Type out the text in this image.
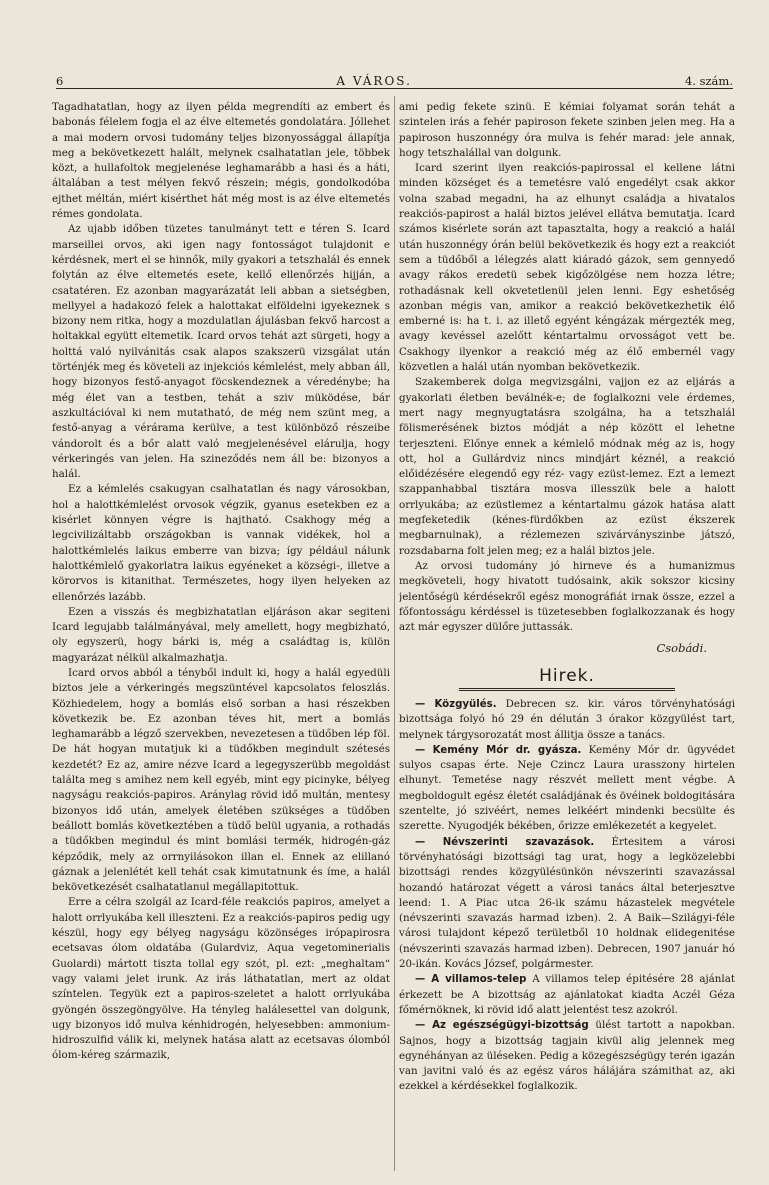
6	A VÁROS.	4. szám.

Tagadhatatlan, hogy az ilyen példa megrendíti az embert és babonás félelem fogja el az élve eltemetés gondolatára. Jóllehet a mai modern orvosi tudomány teljes bizonyossággal állapítja meg a bekövetkezett halált, melynek csalhatatlan jele, többek közt, a hullafoltok megjelenése leghamarább a hasi és a háti, általában a test mélyen fekvő részein; mégis, gondolkodóba ejthet méltán, miért kisérthet hát még most is az élve eltemetés rémes gondolata.

Az ujabb időben tüzetes tanulmányt tett e téren S. Icard marseillei orvos, aki igen nagy fontosságot tulajdonit e kérdésnek, mert el se hinnők, mily gyakori a tetszhalál és ennek folytán az élve eltemetés esete, kellő ellenőrzés hijján, a csatatéren. Ez azonban magyarázatát leli abban a sietségben, mellyyel a hadakozó felek a halottakat elföldelni igyekeznek s bizony nem ritka, hogy a mozdulatlan ájulásban fekvő harcost a holtakkal együtt eltemetik. Icard orvos tehát azt sürgeti, hogy a holttá való nyilvánitás csak alapos szakszerü vizsgálat után történjék meg és követeli az injekciós kémlelést, mely abban áll, hogy bizonyos festő-anyagot föcskendeznek a véredénybe; ha még élet van a testben, tehát a sziv müködése, bár aszkultációval ki nem mutatható, de még nem szünt meg, a festő-anyag a vérárama kerülve, a test különböző részeibe vándorolt és a bőr alatt való megjelenésével elárulja, hogy vérkeringés van jelen. Ha szineződés nem áll be: bizonyos a halál.

Ez a kémlelés csakugyan csalhatatlan és nagy városokban, hol a halottkémlelést orvosok végzik, gyanus esetekben ez a kisérlet könnyen végre is hajtható. Csakhogy még a legcivilizáltabb országokban is vannak vidékek, hol a halottkémlelés laikus emberre van bizva; így például nálunk halottkémlelő gyakorlatra laikus egyéneket a községi-, illetve a körorvos is kitanithat. Természetes, hogy ilyen helyeken az ellenőrzés lazább.

Ezen a visszás és megbizhatatlan eljáráson akar segiteni Icard legujabb találmányával, mely amellett, hogy megbizható, oly egyszerü, hogy bárki is, még a családtag is, külön magyarázat nélkül alkalmazhatja.

Icard orvos abból a tényből indult ki, hogy a halál egyedüli biztos jele a vérkeringés megszüntével kapcsolatos feloszlás. Közhiedelem, hogy a bomlás első sorban a hasi részekben következik be. Ez azonban téves hit, mert a bomlás leghamarább a légző szervekben, nevezetesen a tüdőben lép föl. De hát hogyan mutatjuk ki a tüdőkben megindult szétesés kezdetét? Ez az, amire nézve Icard a legegyszerübb megoldást találta meg s amihez nem kell egyéb, mint egy picinyke, bélyeg nagyságu reakciós-papiros. Aránylag rövid idő multán, mentesy bizonyos idő után, amelyek életében szükséges a tüdőben beállott bomlás következtében a tüdő belül ugyania, a rothadás a tüdőkben megindul és mint bomlási termék, hidrogén-gáz képződik, mely az orrnyilásokon illan el. Ennek az elillanó gáznak a jelenlétét kell tehát csak kimutatnunk és íme, a halál bekövetkezését csalhatatlanul megállapitottuk.

Erre a célra szolgál az Icard-féle reakciós papiros, amelyet a halott orrlyukába kell illeszteni. Ez a reakciós-papiros pedig ugy készül, hogy egy bélyeg nagyságu közönséges irópapirosra ecetsavas ólom oldatába (Gulardviz, Aqua vegetominerialis Guolardi) mártott tiszta tollal egy szót, pl. ezt: „meghaltam“ vagy valami jelet irunk. Az irás láthatatlan, mert az oldat színtelen. Tegyük ezt a papiros-szeletet a halott orrlyukába gyöngén összegöngyölve. Ha tényleg halálesettel van dolgunk, ugy bizonyos idő mulva kénhidrogén, helyesebben: ammonium-hidroszulfid válik ki, melynek hatása alatt az ecetsavas ólomból ólom-kéreg származik,

ami pedig fekete szinü. E kémiai folyamat során tehát a szintelen irás a fehér papiroson fekete szinben jelen meg. Ha a papiroson huszonnégy óra mulva is fehér marad: jele annak, hogy tetszhalállal van dolgunk.

Icard szerint ilyen reakciós-papirossal el kellene látni minden községet és a temetésre való engedélyt csak akkor volna szabad megadni, ha az elhunyt családja a hivatalos reakciós-papirost a halál biztos jelével ellátva bemutatja. Icard számos kisérlete során azt tapasztalta, hogy a reakció a halál után huszonnégy órán belül bekövetkezik és hogy ezt a reakciót sem a tüdőből a lélegzés alatt kiáradó gázok, sem gennyedő avagy rákos eredetü sebek kigőzölgése nem hozza létre; rothadásnak kell okvetetlenül jelen lenni. Egy eshetőség azonban mégis van, amikor a reakció bekövetkezhetik élő emberné is: ha t. i. az illető egyént kéngázak mérgezték meg, avagy kevéssel azelőtt kéntartalmu orvosságot vett be. Csakhogy ilyenkor a reakció még az élő embernél vagy közvetlen a halál után nyomban bekövetkezik.

Szakemberek dolga megvizsgálni, vajjon ez az eljárás a gyakorlati életben beválnék-e; de foglalkozni vele érdemes, mert nagy megnyugtatásra szolgálna, ha a tetszhalál fölismerésének biztos módját a nép között el lehetne terjeszteni. Előnye ennek a kémlelő módnak még az is, hogy ott, hol a Gullárdviz nincs mindjárt kéznél, a reakció előidézésére elegendő egy réz- vagy ezüst-lemez. Ezt a lemezt szappanhabbal tisztára mosva illesszük bele a halott orrlyukába; az ezüstlemez a kéntartalmu gázok hatása alatt megfeketedik (kénes-fürdőkben az ezüst ékszerek megbarnulnak), a rézlemezen szivárványszinbe játszó, rozsdabarna folt jelen meg; ez a halál biztos jele.

Az orvosi tudomány jó hirneve és a humanizmus megköveteli, hogy hivatott tudósaink, akik sokszor kicsiny jelentőségü kérdésekről egész monográfiát irnak össze, ezzel a főfontosságu kérdéssel is tüzetesebben foglalkozzanak és hogy azt már egyszer dülőre juttassák.

Csobádi.
Hirek.

— Közgyülés. Debrecen sz. kir. város törvényhatósági bizottsága folyó hó 29 én délután 3 órakor közgyülést tart, melynek tárgysorozatát most állitja össze a tanács.

— Kemény Mór dr. gyászа. Kemény Mór dr. ügyvédet sulyos csapas érte. Neje Czincz Laura urasszony hirtelen elhunyt. Temetése nagy részvét mellett ment végbe. A megboldogult egész életét családjának és övéinek boldogitására szentelte, jó szivéért, nemes lelkéért mindenki becsülte és szerette. Nyugodjék békében, őrizze emlékezetét a kegyelet.

— Névszerinti szavazások. Értesitem a városi törvényhatósági bizottsági tag urat, hogy a legközelebbi bizottsági rendes közgyülésünkön névszerinti szavazással hozandó határozat végett a városi tanács által beterjesztve leend: 1. A Piac utca 26-ik számu házastelek megvétele (névszerinti szavazás harmad izben). 2. A Baik—Szilágyi-féle városi tulajdont képező területből 10 holdnak elidegenitése (névszerinti szavazás harmad izben). Debrecen, 1907 január hó 20-ikán. Kovács József, polgármester.

— A villamos-telep A villamos telep épitésére 28 ajánlat érkezett be A bizottság az ajánlatokat kiadta Aczél Géza főmérnöknek, ki rövid idő alatt jelentést tesz azokról.

— Az egészségügyi-bizottság ülést tartott a napokban. Sajnos, hogy a bizottság tagjain kivül alig jelennek meg egynéhányan az üléseken. Pedig a közegészségügy terén igazán van javitni való és az egész város hálájára számithat az, aki ezekkel a kérdésekkel foglalkozik.
